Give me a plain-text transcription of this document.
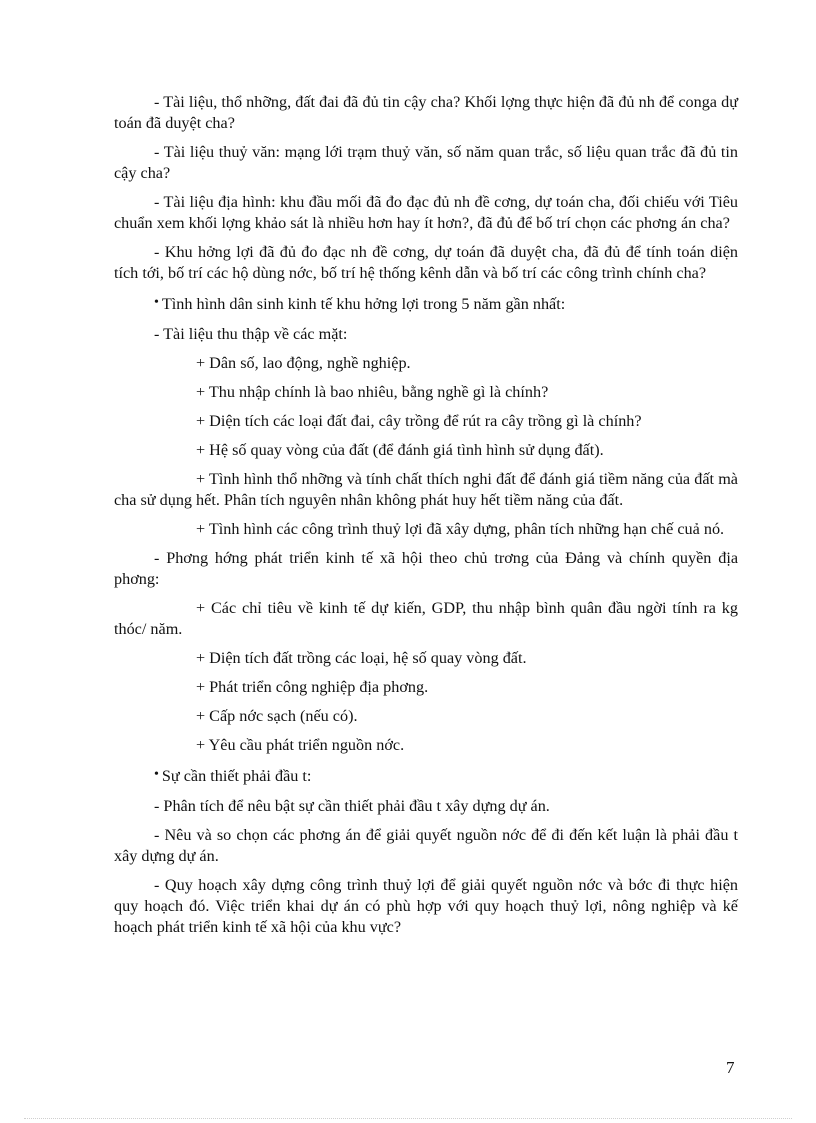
- Tài liệu, thổ nhỡng, đất đai đã đủ tin cậy cha? Khối lợng thực hiện đã đủ nh để conga dự toán đã duyệt cha?

- Tài liệu thuỷ văn: mạng lới trạm thuỷ văn, số năm quan trắc, số liệu quan trắc đã đủ tin cậy cha?

- Tài liệu địa hình: khu đầu mối đã đo đạc đủ nh đề cơng, dự toán cha, đối chiếu với Tiêu chuẩn xem khối lợng khảo sát là nhiều hơn hay ít hơn?, đã đủ để bố trí chọn các phơng án cha?

- Khu hởng lợi đã đủ đo đạc nh đề cơng, dự toán đã duyệt cha, đã đủ để tính toán diện tích tới, bố trí các hộ dùng nớc, bố trí hệ thống kênh dẫn và bố trí các công trình chính cha?

• Tình hình dân sinh kinh tế khu hởng lợi trong 5 năm gần nhất:

- Tài liệu thu thập về các mặt:

+ Dân số, lao động, nghề nghiệp.

+ Thu nhập chính là bao nhiêu, bằng nghề gì là chính?

+ Diện tích các loại đất đai, cây trồng để rút ra cây trồng gì là chính?

+ Hệ số quay vòng của đất (để đánh giá tình hình sử dụng đất).

+ Tình hình thổ nhỡng và tính chất thích nghi đất để đánh giá tiềm năng của đất mà cha sử dụng hết. Phân tích nguyên nhân không phát huy hết tiềm năng của đất.

+ Tình hình các công trình thuỷ lợi đã xây dựng, phân tích những hạn chế cuả nó.

- Phơng hớng phát triển kinh tế xã hội theo chủ trơng của Đảng và chính quyền địa phơng:

+ Các chỉ tiêu về kinh tế dự kiến, GDP, thu nhập bình quân đầu ngời tính ra kg thóc/ năm.

+ Diện tích đất trồng các loại, hệ số quay vòng đất.

+ Phát triển công nghiệp địa phơng.

+ Cấp nớc sạch (nếu có).

+ Yêu cầu phát triển nguồn nớc.

• Sự cần thiết phải đầu t:

- Phân tích để nêu bật sự cần thiết phải đầu t xây dựng dự án.

- Nêu và so chọn các phơng án để giải quyết nguồn nớc để đi đến kết luận là phải đầu t xây dựng dự án.

- Quy hoạch xây dựng công trình thuỷ lợi để giải quyết nguồn nớc và bớc đi thực hiện quy hoạch đó. Việc triển khai dự án có phù hợp với quy hoạch thuỷ lợi, nông nghiệp và kế hoạch phát triển kinh tế xã hội của khu vực?

7
